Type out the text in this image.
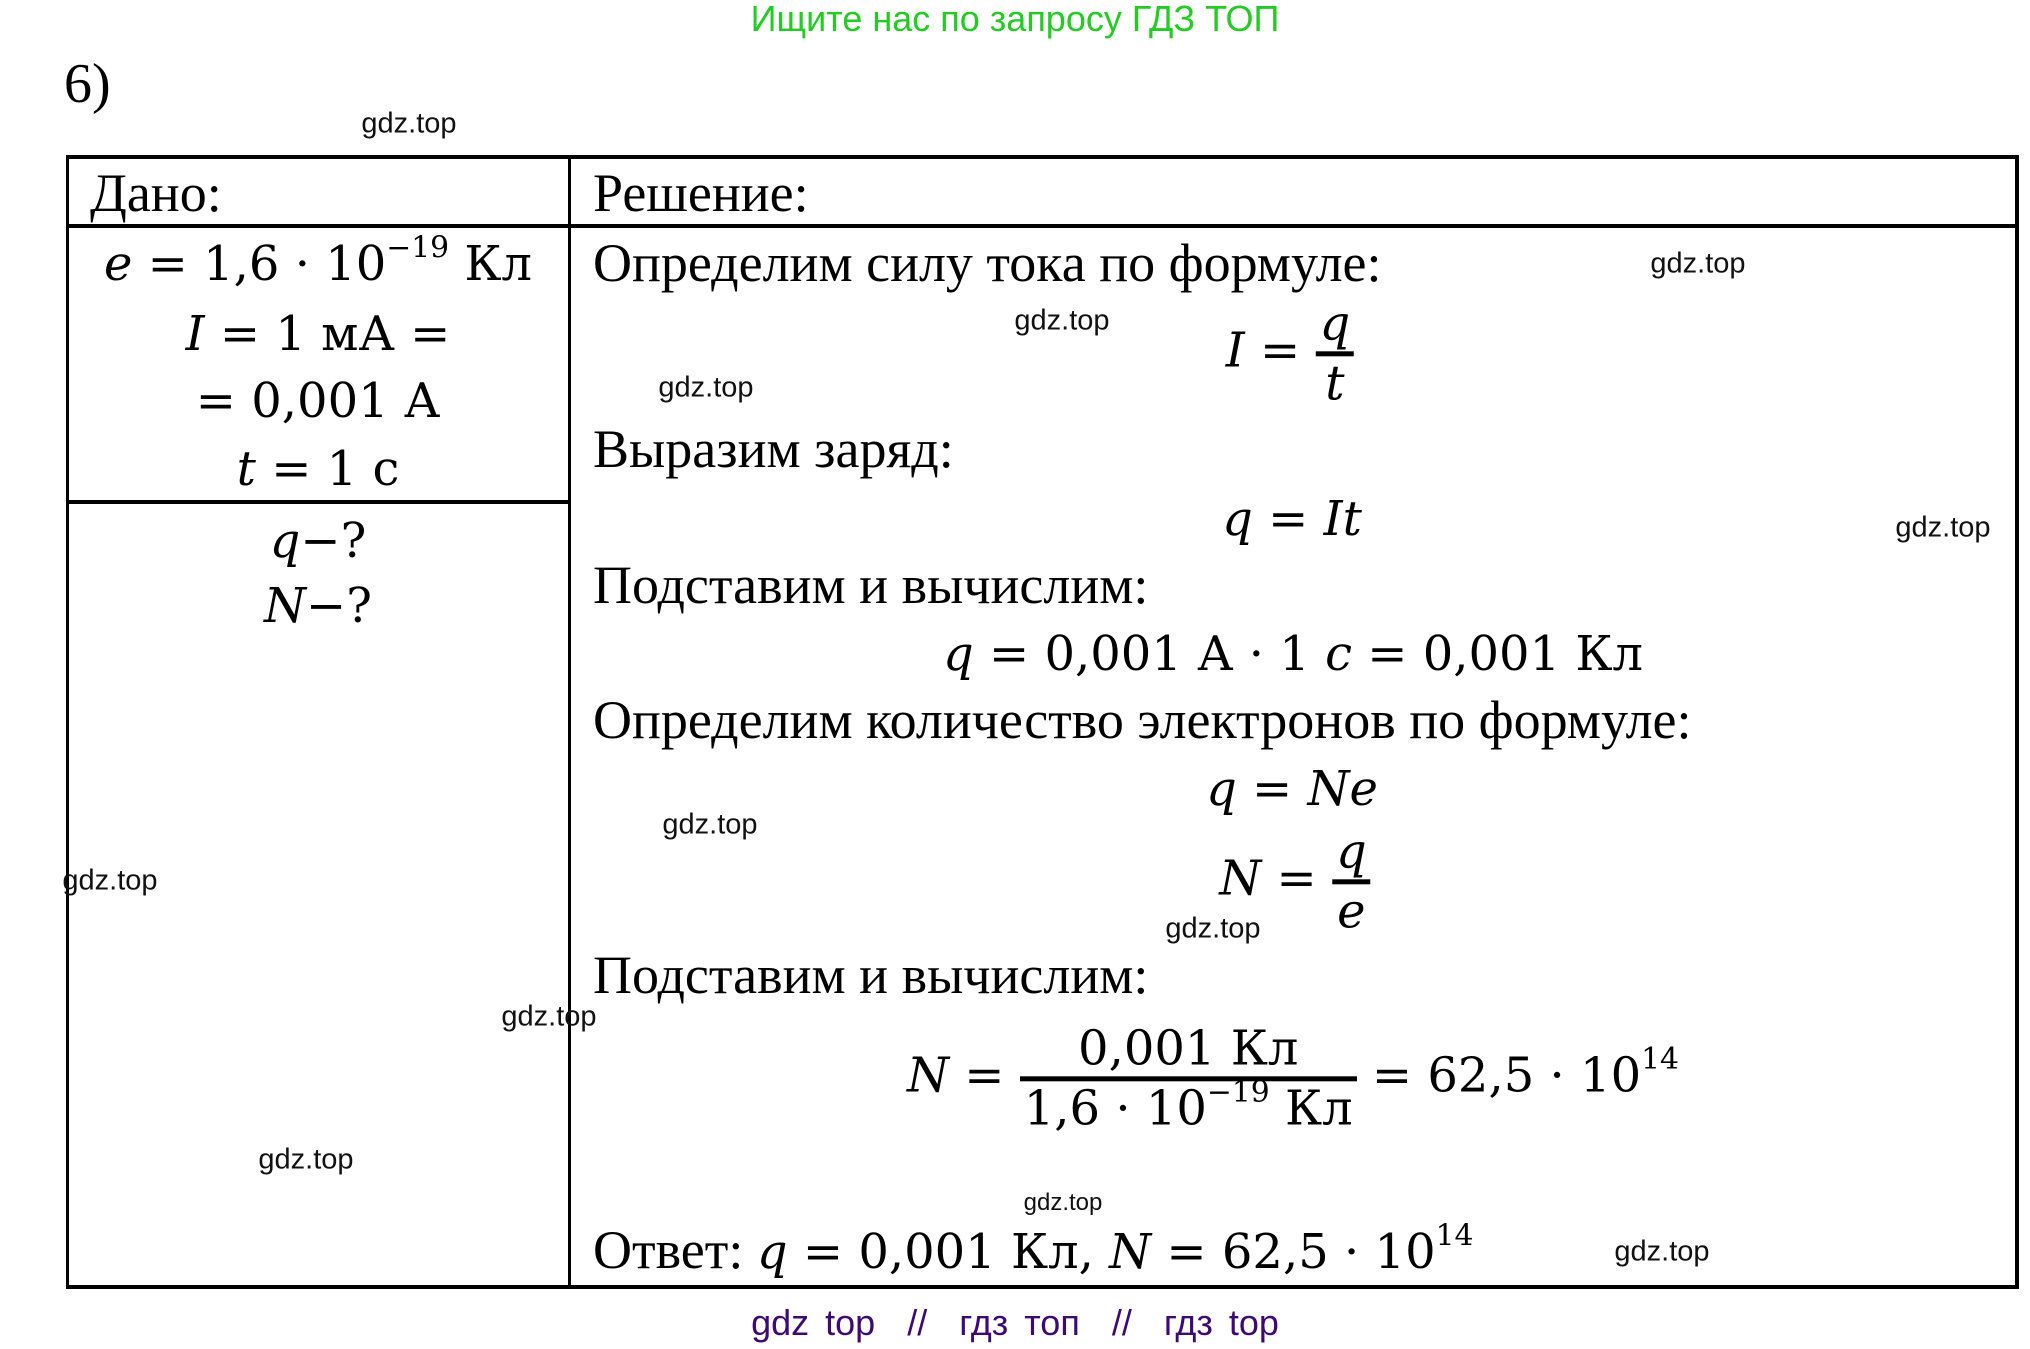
Ищите нас по запросу ГДЗ ТОП
6)
Дано:	Решение:
$e = 1,6 \cdot 10^{-19}$ Кл
I = 1 мА =
= 0,001 А
t = 1 с
q−?
N−?
Определим силу тока по формуле:
I = q
t
Выразим заряд:
q = It
Подставим и вычислим:
q = 0,001 А · 1 c = 0,001 Кл
Определим количество электронов по формуле:
q = Ne
N = q
e
Подставим и вычислим:
N = 0,001 Кл
$1,6 \cdot 10^{-19}$ Кл
= $62,5 \cdot 10^{14}$
Ответ: q = 0,001 Кл, $N = 62,5 \cdot 10^{14}$
gdz.top
gdz.top
gdz.top
gdz.top
gdz.top
gdz.top
gdz.top
gdz.top
gdz.top
gdz.top
gdz.top
gdz.top
gdz top  //  гдз топ  //  гдз top
